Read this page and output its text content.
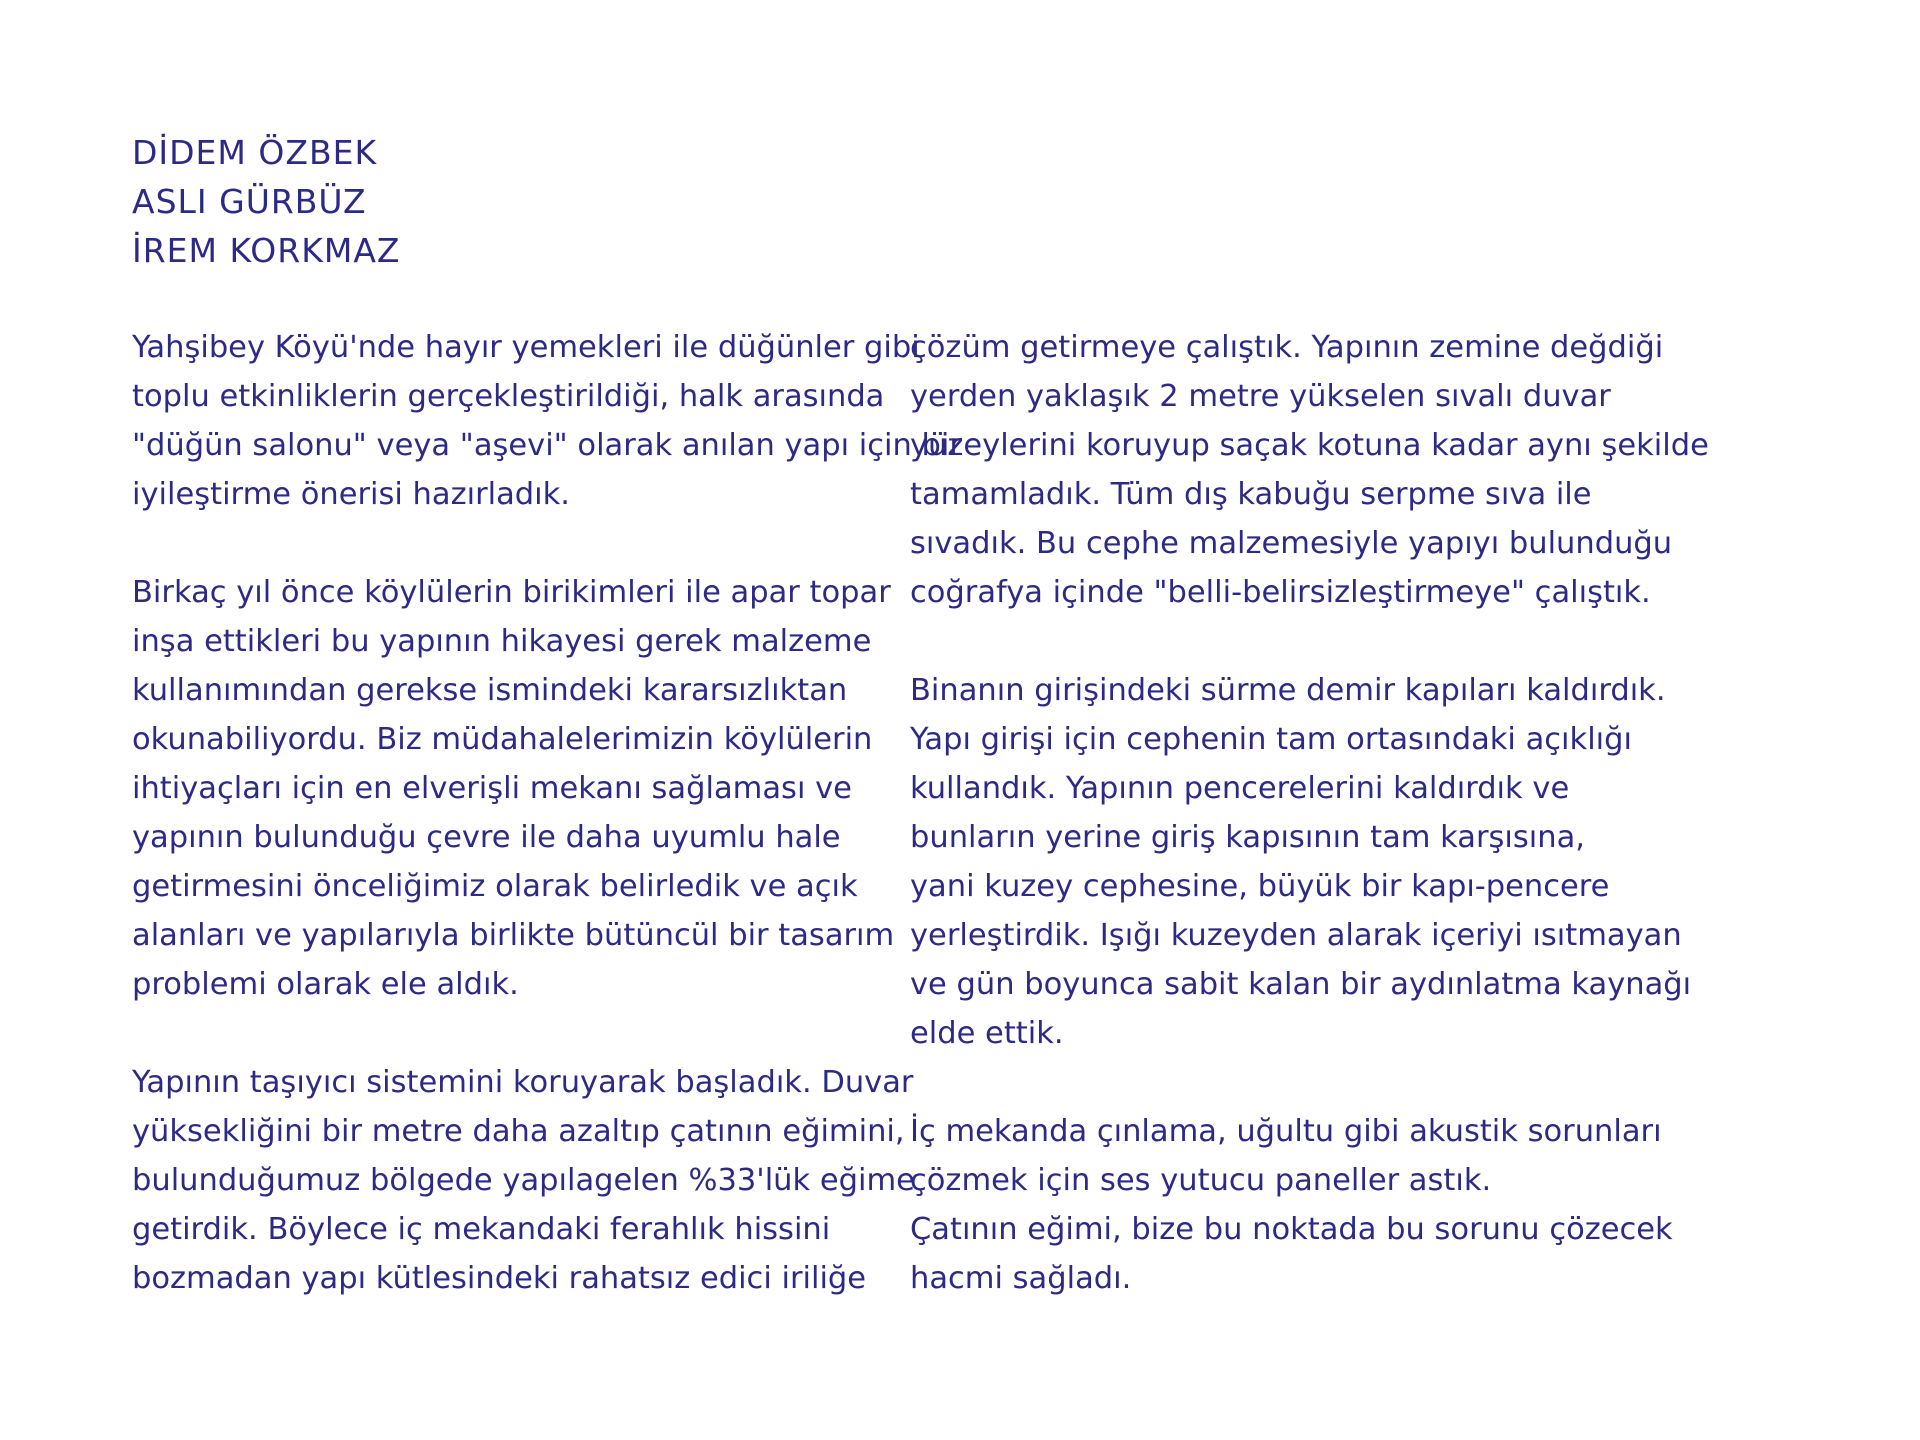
DİDEM ÖZBEK
ASLI GÜRBÜZ
İREM KORKMAZ
Yahşibey Köyü'nde hayır yemekleri ile düğünler gibi
toplu etkinliklerin gerçekleştirildiği, halk arasında
"düğün salonu" veya "aşevi" olarak anılan yapı için bir
iyileştirme önerisi hazırladık.
Birkaç yıl önce köylülerin birikimleri ile apar topar
inşa ettikleri bu yapının hikayesi gerek malzeme
kullanımından gerekse ismindeki kararsızlıktan
okunabiliyordu. Biz müdahalelerimizin köylülerin
ihtiyaçları için en elverişli mekanı sağlaması ve
yapının bulunduğu çevre ile daha uyumlu hale
getirmesini önceliğimiz olarak belirledik ve açık
alanları ve yapılarıyla birlikte bütüncül bir tasarım
problemi olarak ele aldık.
Yapının taşıyıcı sistemini koruyarak başladık. Duvar
yüksekliğini bir metre daha azaltıp çatının eğimini,
bulunduğumuz bölgede yapılagelen %33'lük eğime
getirdik. Böylece iç mekandaki ferahlık hissini
bozmadan yapı kütlesindeki rahatsız edici iriliğe
çözüm getirmeye çalıştık. Yapının zemine değdiği
yerden yaklaşık 2 metre yükselen sıvalı duvar
yüzeylerini koruyup saçak kotuna kadar aynı şekilde
tamamladık. Tüm dış kabuğu serpme sıva ile
sıvadık. Bu cephe malzemesiyle yapıyı bulunduğu
coğrafya içinde "belli-belirsizleştirmeye" çalıştık.
Binanın girişindeki sürme demir kapıları kaldırdık.
Yapı girişi için cephenin tam ortasındaki açıklığı
kullandık. Yapının pencerelerini kaldırdık ve
bunların yerine giriş kapısının tam karşısına,
yani kuzey cephesine, büyük bir kapı-pencere
yerleştirdik. Işığı kuzeyden alarak içeriyi ısıtmayan
ve gün boyunca sabit kalan bir aydınlatma kaynağı
elde ettik.
İç mekanda çınlama, uğultu gibi akustik sorunları
çözmek için ses yutucu paneller astık.
Çatının eğimi, bize bu noktada bu sorunu çözecek
hacmi sağladı.
